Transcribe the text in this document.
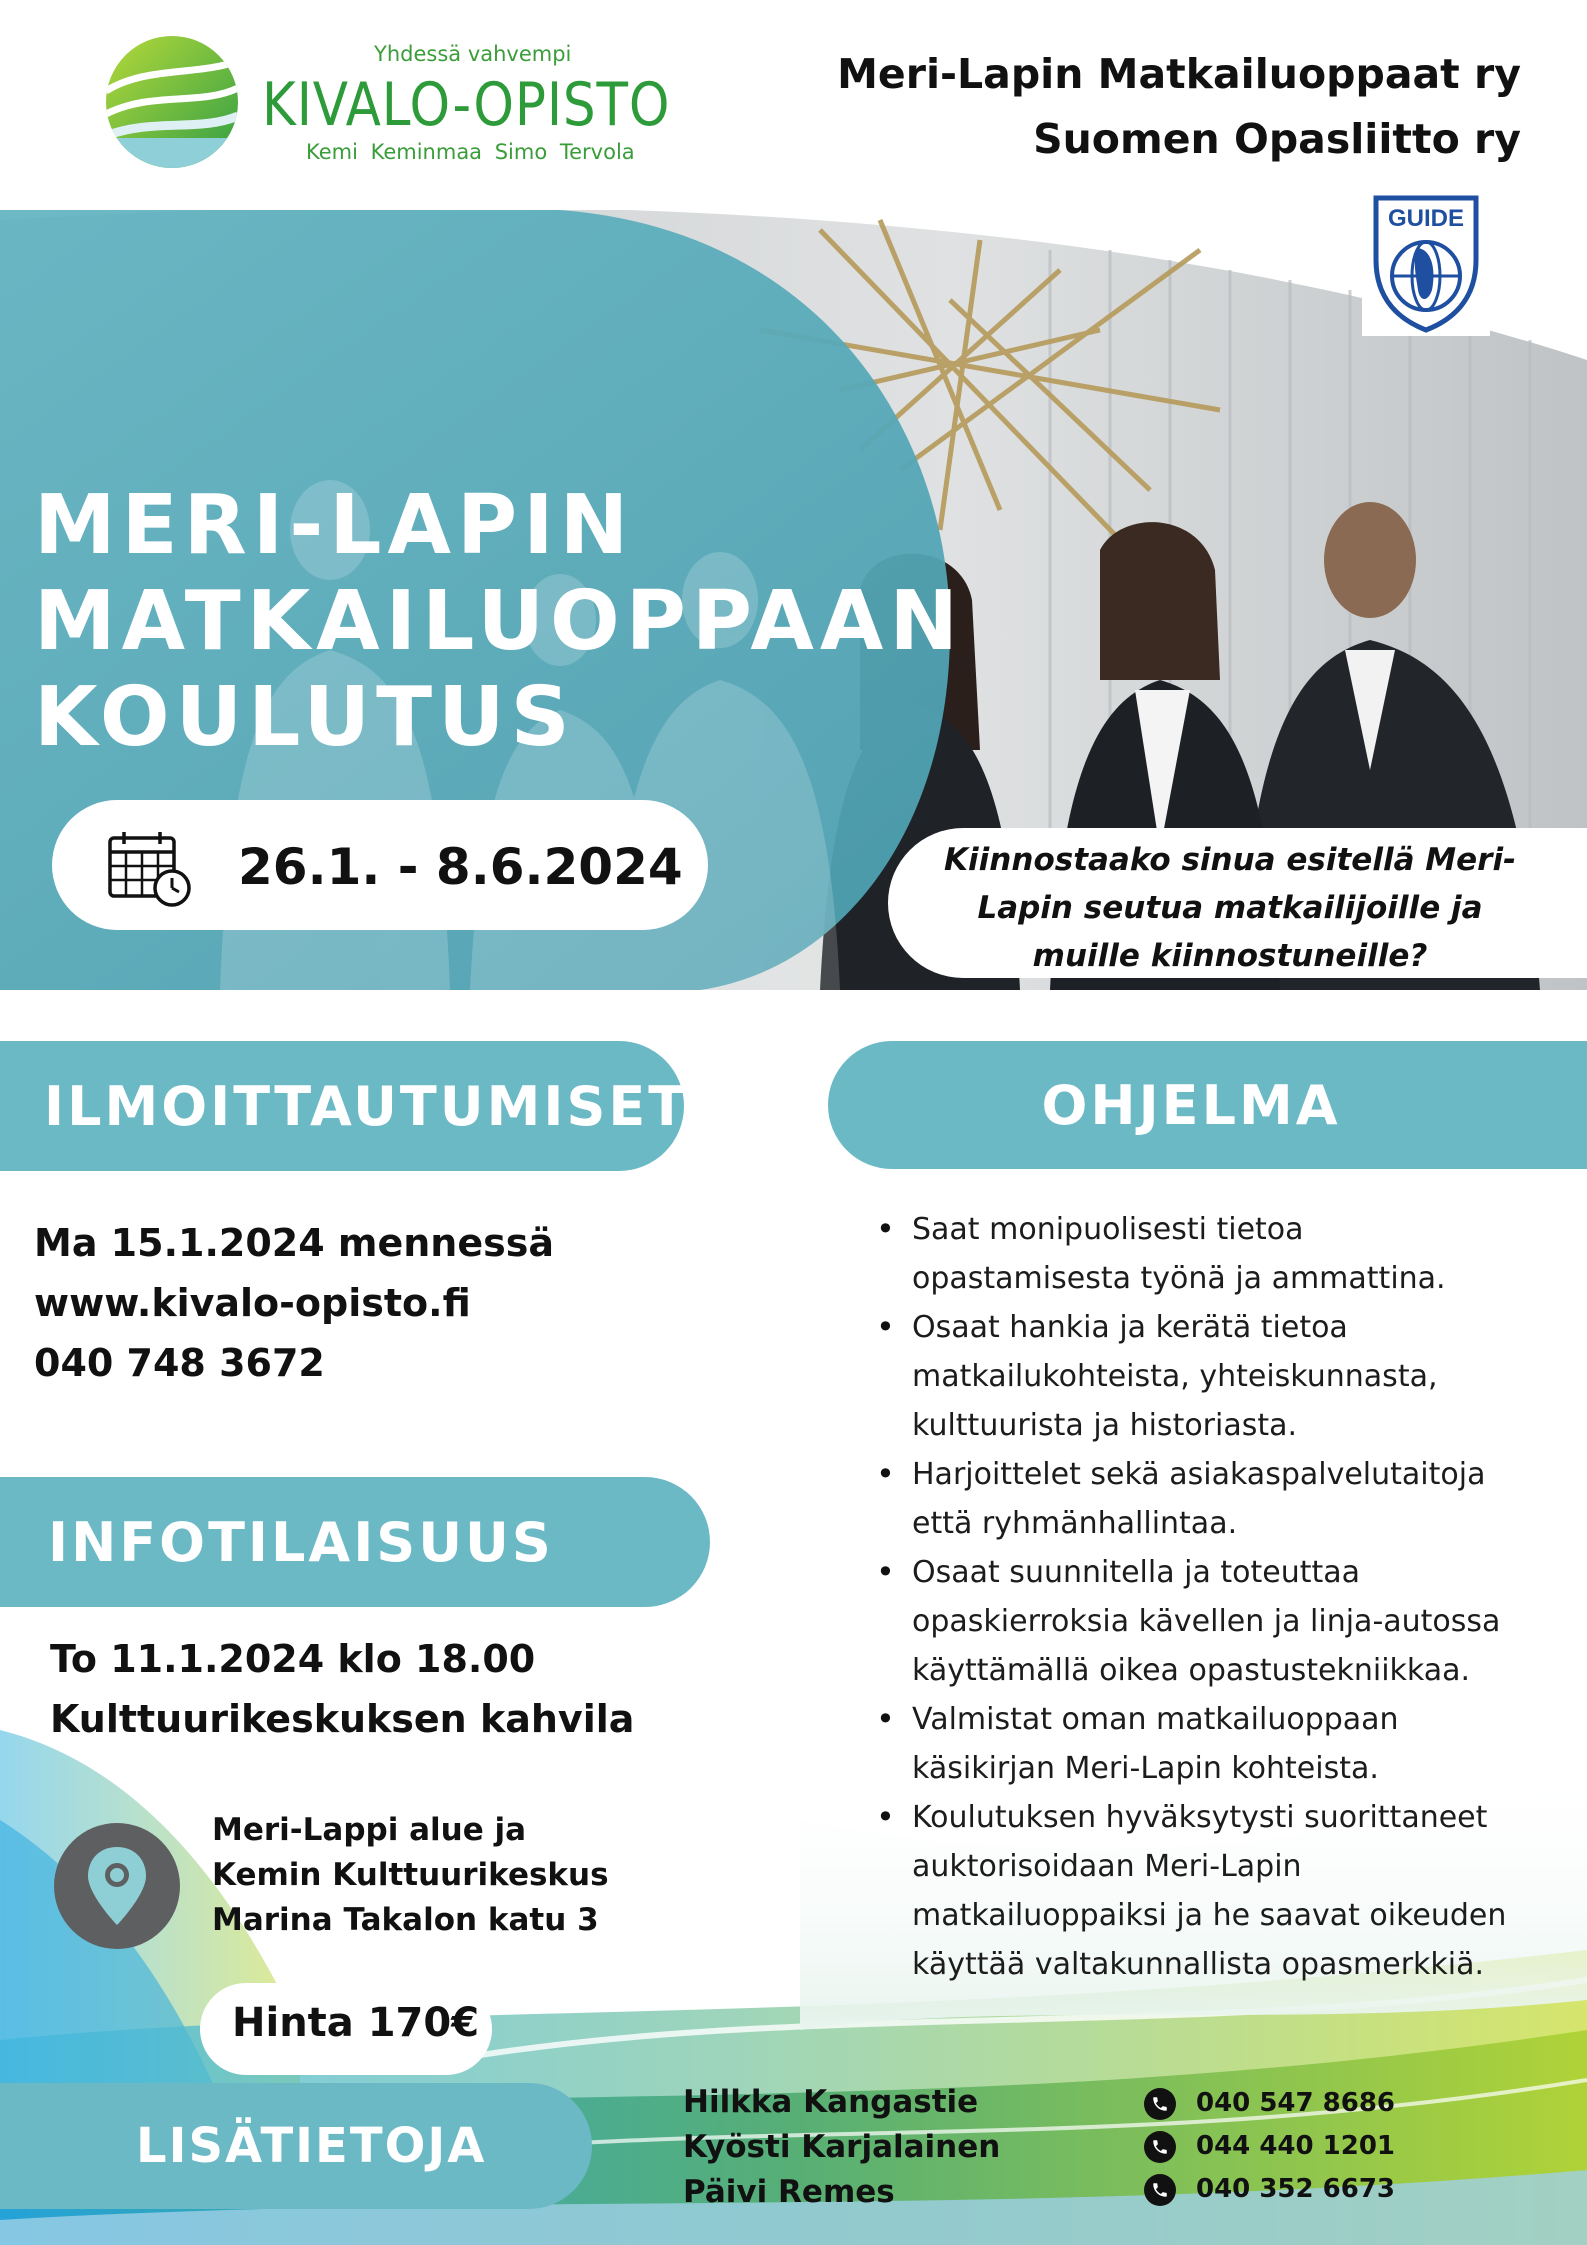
Yhdessä vahvempi
KIVALO-OPISTO
Kemi Keminmaa Simo Tervola
Meri-Lapin Matkailuoppaat ry
Suomen Opasliitto ry
GUIDE
MERI-LAPIN
MATKAILUOPPAAN
KOULUTUS
26.1. - 8.6.2024	Kiinnostaako sinua esitellä Meri-
Lapin seutua matkailijoille ja
muille kiinnostuneille?
ILMOITTAUTUMISET
Ma 15.1.2024 mennessä
www.kivalo-opisto.fi
040 748 3672
OHJELMA
• Saat monipuolisesti tietoa opastamisesta työnä ja ammattina.
• Osaat hankia ja kerätä tietoa matkailukohteista, yhteiskunnasta, kulttuurista ja historiasta.
• Harjoittelet sekä asiakaspalvelutaitoja että ryhmänhallintaa.
• Osaat suunnitella ja toteuttaa opaskierroksia kävellen ja linja-autossa käyttämällä oikea opastustekniikkaa.
• Valmistat oman matkailuoppaan käsikirjan Meri-Lapin kohteista.
• Koulutuksen hyväksytysti suorittaneet auktorisoidaan Meri-Lapin matkailuoppaiksi ja he saavat oikeuden käyttää valtakunnallista opasmerkkiä.
INFOTILAISUUS
To 11.1.2024 klo 18.00
Kulttuurikeskuksen kahvila
Meri-Lappi alue ja
Kemin Kulttuurikeskus
Marina Takalon katu 3
Hinta 170€
LISÄTIETOJA
Hilkka Kangastie
Kyösti Karjalainen
Päivi Remes
040 547 8686
044 440 1201
040 352 6673
